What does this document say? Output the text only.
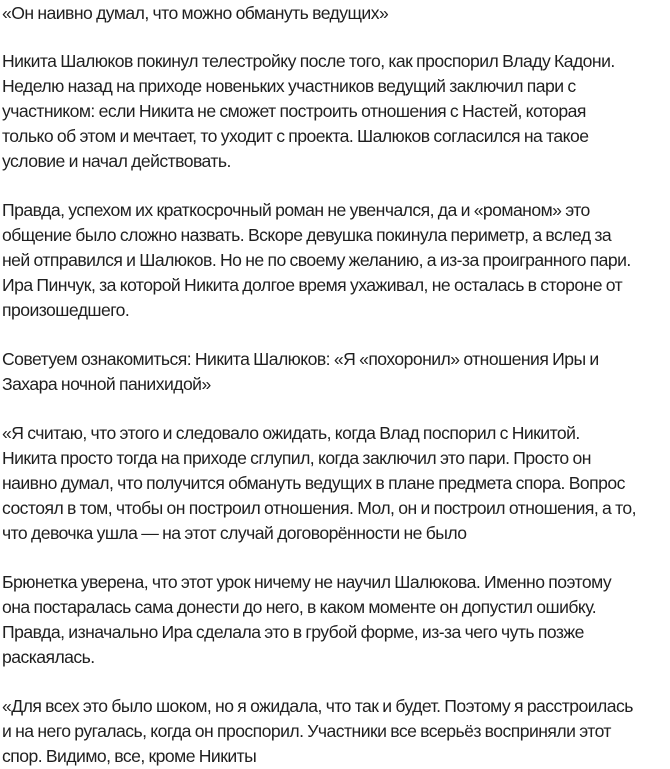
«Он наивно думал, что можно обмануть ведущих»

Никита Шалюков покинул телестройку после того, как проспорил Владу Кадони.
Неделю назад на приходе новеньких участников ведущий заключил пари с
участником: если Никита не сможет построить отношения с Настей, которая
только об этом и мечтает, то уходит с проекта. Шалюков согласился на такое
условие и начал действовать.

Правда, успехом их краткосрочный роман не увенчался, да и «романом» это
общение было сложно назвать. Вскоре девушка покинула периметр, а вслед за
ней отправился и Шалюков. Но не по своему желанию, а из-за проигранного пари.
Ира Пинчук, за которой Никита долгое время ухаживал, не осталась в стороне от
произошедшего.

Советуем ознакомиться: Никита Шалюков: «Я «похоронил» отношения Иры и
Захара ночной панихидой»

«Я считаю, что этого и следовало ожидать, когда Влад поспорил с Никитой.
Никита просто тогда на приходе сглупил, когда заключил это пари. Просто он
наивно думал, что получится обмануть ведущих в плане предмета спора. Вопрос
состоял в том, чтобы он построил отношения. Мол, он и построил отношения, а то,
что девочка ушла — на этот случай договорённости не было

Брюнетка уверена, что этот урок ничему не научил Шалюкова. Именно поэтому
она постаралась сама донести до него, в каком моменте он допустил ошибку.
Правда, изначально Ира сделала это в грубой форме, из-за чего чуть позже
раскаялась.

«Для всех это было шоком, но я ожидала, что так и будет. Поэтому я расстроилась
и на него ругалась, когда он проспорил. Участники все всерьёз восприняли этот
спор. Видимо, все, кроме Никиты
